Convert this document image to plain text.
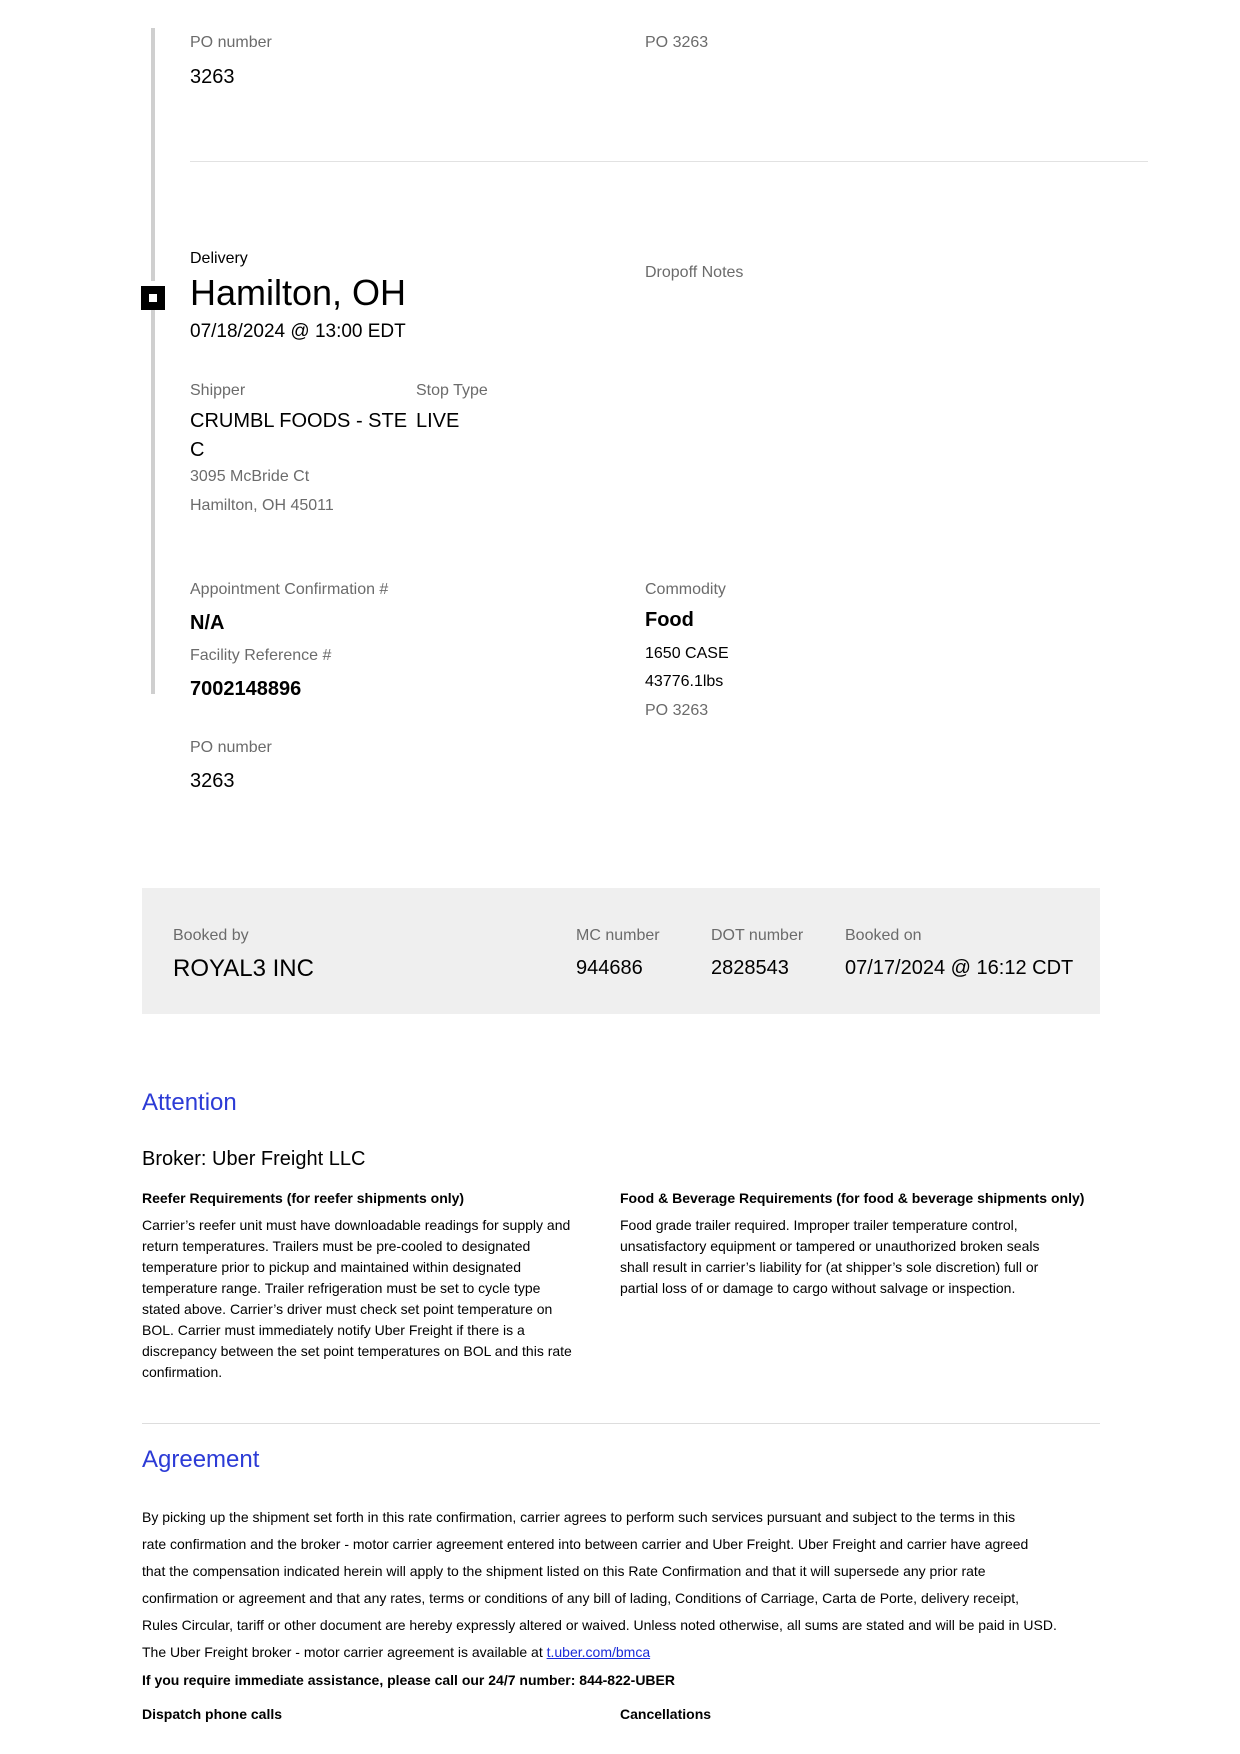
PO number
3263
PO 3263
Delivery
Hamilton, OH
07/18/2024 @ 13:00 EDT
Dropoff Notes
Shipper
CRUMBL FOODS - STE
C
3095 McBride Ct
Hamilton, OH 45011
Stop Type
LIVE
Appointment Confirmation #
N/A
Facility Reference #
7002148896
PO number
3263
Commodity
Food
1650 CASE
43776.1lbs
PO 3263
Booked by
ROYAL3 INC
MC number
944686
DOT number
2828543
Booked on
07/17/2024 @ 16:12 CDT
Attention
Broker: Uber Freight LLC
Reefer Requirements (for reefer shipments only)
Carrier’s reefer unit must have downloadable readings for supply and
return temperatures. Trailers must be pre-cooled to designated
temperature prior to pickup and maintained within designated
temperature range. Trailer refrigeration must be set to cycle type
stated above. Carrier’s driver must check set point temperature on
BOL. Carrier must immediately notify Uber Freight if there is a
discrepancy between the set point temperatures on BOL and this rate
confirmation.
Food & Beverage Requirements (for food & beverage shipments only)
Food grade trailer required. Improper trailer temperature control,
unsatisfactory equipment or tampered or unauthorized broken seals
shall result in carrier’s liability for (at shipper’s sole discretion) full or
partial loss of or damage to cargo without salvage or inspection.
Agreement
By picking up the shipment set forth in this rate confirmation, carrier agrees to perform such services pursuant and subject to the terms in this
rate confirmation and the broker - motor carrier agreement entered into between carrier and Uber Freight. Uber Freight and carrier have agreed
that the compensation indicated herein will apply to the shipment listed on this Rate Confirmation and that it will supersede any prior rate
confirmation or agreement and that any rates, terms or conditions of any bill of lading, Conditions of Carriage, Carta de Porte, delivery receipt,
Rules Circular, tariff or other document are hereby expressly altered or waived. Unless noted otherwise, all sums are stated and will be paid in USD.
The Uber Freight broker - motor carrier agreement is available at t.uber.com/bmca
If you require immediate assistance, please call our 24/7 number: 844-822-UBER
Dispatch phone calls	Cancellations
